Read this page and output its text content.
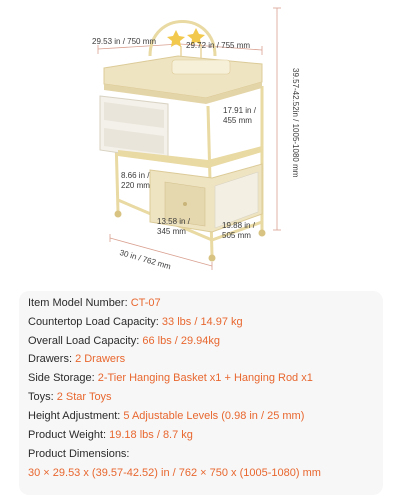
29.53 in / 750 mm	29.72 in / 755 mm
39.57-42.52in / 1005-1080 mm
17.91 in /
455 mm
8.66 in /
220 mm
13.58 in /
345 mm
19.88 in /
505 mm
30 in / 762 mm
Item Model Number: CT-07
Countertop Load Capacity: 33 lbs / 14.97 kg
Overall Load Capacity: 66 lbs / 29.94kg
Drawers: 2 Drawers
Side Storage: 2-Tier Hanging Basket x1 + Hanging Rod x1
Toys: 2 Star Toys
Height Adjustment: 5 Adjustable Levels (0.98 in / 25 mm)
Product Weight: 19.18 lbs / 8.7 kg
Product Dimensions:
30 × 29.53 x (39.57-42.52) in / 762 × 750 x (1005-1080) mm
